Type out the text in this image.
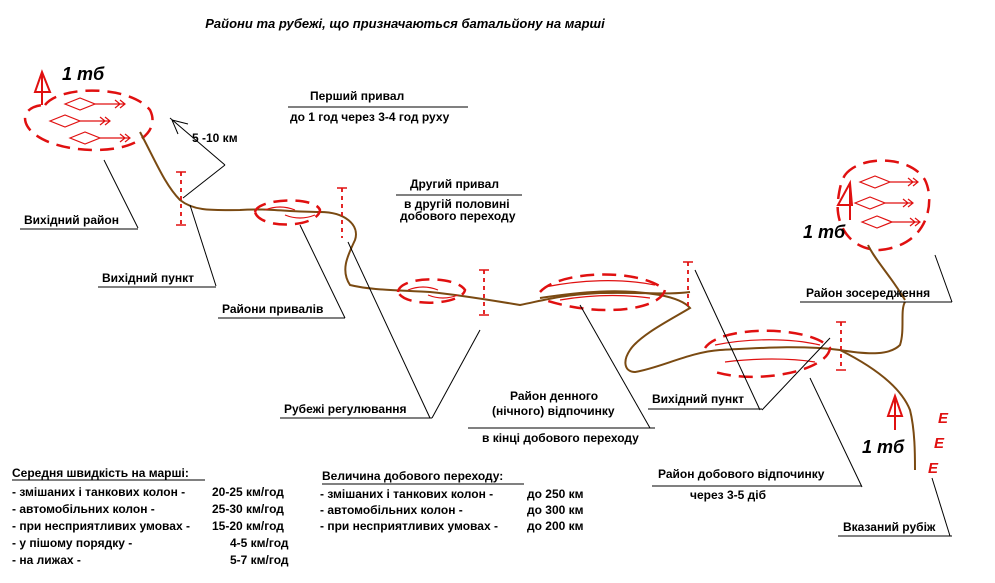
Райони та рубежі, що призначаються батальйону на марші
1 тб
1 тб
1 тб
E
E
E
5 -10 км
Перший привал
до 1 год через 3-4 год руху
Другий привал
в другій половині
добового переходу
Вихідний район
Вихідний пункт
Райони привалів
Рубежі регулювання
Район денного
(нічного) відпочинку
в кінці добового переходу
Вихідний пункт
Район добового відпочинку
через 3-5 діб
Район зосередження
Вказаний рубіж
Середня швидкість на марші:
- змішаних і танкових колон - 20-25 км/год
- автомобільних колон -	25-30 км/год
- при несприятливих умовах - 15-20 км/год
- у пішому порядку -	4-5 км/год
- на лижах -	5-7 км/год
Величина добового переходу:
- змішаних і танкових колон -	до 250 км
- автомобільних колон -	до 300 км
- при несприятливих умовах - до 200 км
